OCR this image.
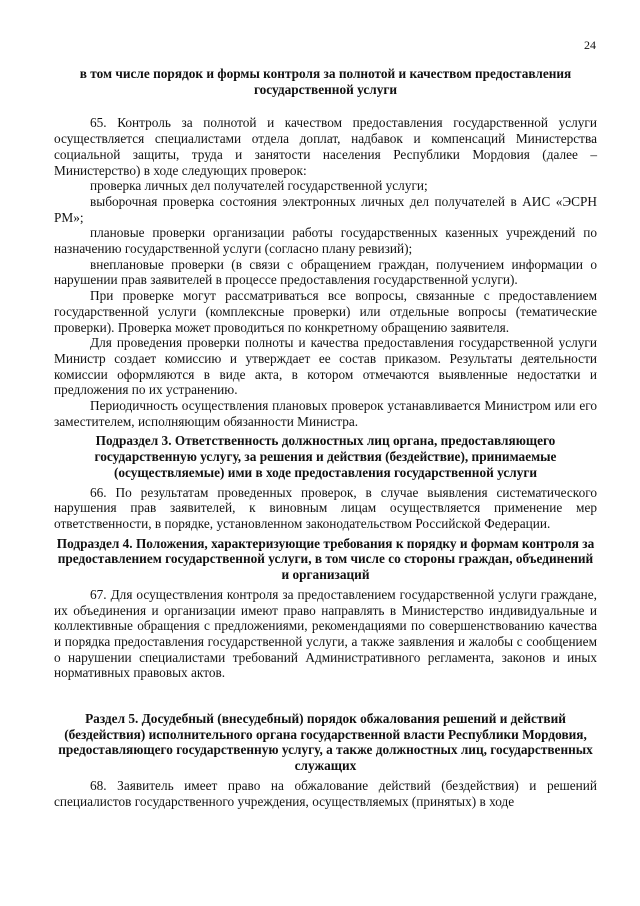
24

в том числе порядок и формы контроля за полнотой и качеством предоставления государственной услуги

65. Контроль за полнотой и качеством предоставления государственной услуги осуществляется специалистами отдела доплат, надбавок и компенсаций Министерства социальной защиты, труда и занятости населения Республики Мордовия (далее – Министерство) в ходе следующих проверок:

проверка личных дел получателей государственной услуги;

выборочная проверка состояния электронных личных дел получателей в АИС «ЭСРН РМ»;

плановые проверки организации работы государственных казенных учреждений по назначению государственной услуги (согласно плану ревизий);

внеплановые проверки (в связи с обращением граждан, получением информации о нарушении прав заявителей в процессе предоставления государственной услуги).

При проверке могут рассматриваться все вопросы, связанные с предоставлением государственной услуги (комплексные проверки) или отдельные вопросы (тематические проверки). Проверка может проводиться по конкретному обращению заявителя.

Для проведения проверки полноты и качества предоставления государственной услуги Министр создает комиссию и утверждает ее состав приказом. Результаты деятельности комиссии оформляются в виде акта, в котором отмечаются выявленные недостатки и предложения по их устранению.

Периодичность осуществления плановых проверок устанавливается Министром или его заместителем, исполняющим обязанности Министра.

Подраздел 3. Ответственность должностных лиц органа, предоставляющего государственную услугу, за решения и действия (бездействие), принимаемые (осуществляемые) ими в ходе предоставления государственной услуги

66. По результатам проведенных проверок, в случае выявления систематического нарушения прав заявителей, к виновным лицам осуществляется применение мер ответственности, в порядке, установленном законодательством Российской Федерации.

Подраздел 4. Положения, характеризующие требования к порядку и формам контроля за предоставлением государственной услуги, в том числе со стороны граждан, объединений и организаций

67. Для осуществления контроля за предоставлением государственной услуги граждане, их объединения и организации имеют право направлять в Министерство индивидуальные и коллективные обращения с предложениями, рекомендациями по совершенствованию качества и порядка предоставления государственной услуги, а также заявления и жалобы с сообщением о нарушении специалистами требований Административного регламента, законов и иных нормативных правовых актов.

Раздел 5. Досудебный (внесудебный) порядок обжалования решений и действий (бездействия) исполнительного органа государственной власти Республики Мордовия, предоставляющего государственную услугу, а также должностных лиц, государственных служащих

68. Заявитель имеет право на обжалование действий (бездействия) и решений специалистов государственного учреждения, осуществляемых (принятых) в ходе
